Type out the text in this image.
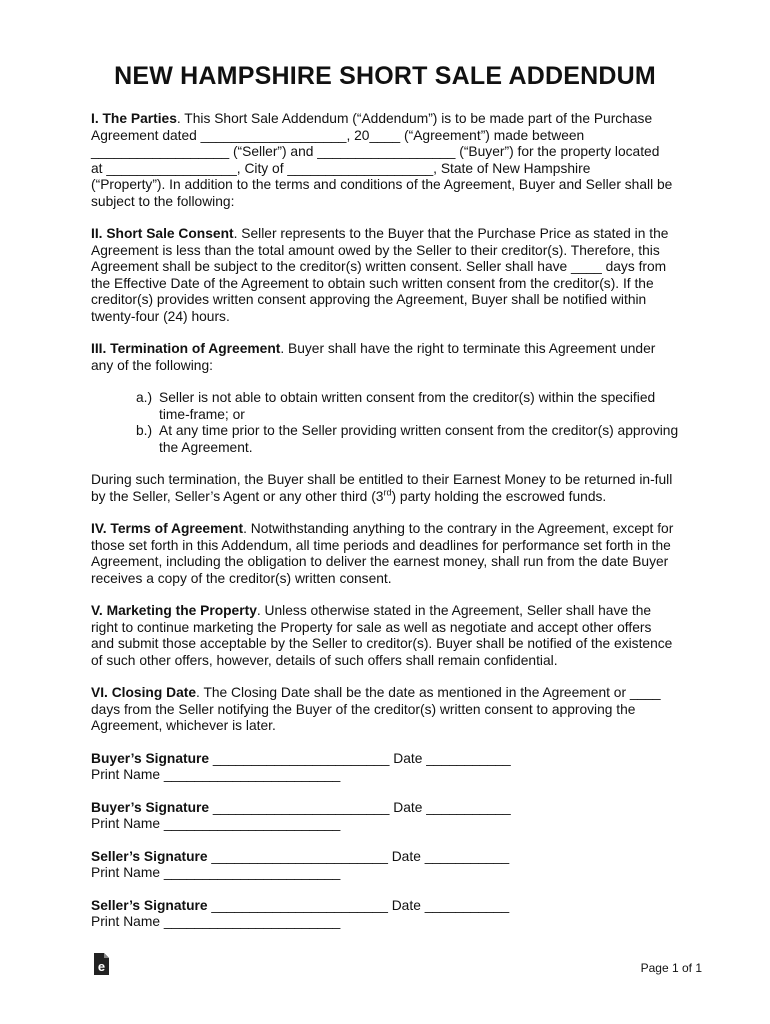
NEW HAMPSHIRE SHORT SALE ADDENDUM
I. The Parties. This Short Sale Addendum (“Addendum”) is to be made part of the Purchase
Agreement dated ___________________, 20____ (“Agreement”) made between
__________________ (“Seller”) and __________________ (“Buyer”) for the property located
at _________________, City of ___________________, State of New Hampshire
(“Property”). In addition to the terms and conditions of the Agreement, Buyer and Seller shall be
subject to the following:
II. Short Sale Consent. Seller represents to the Buyer that the Purchase Price as stated in the
Agreement is less than the total amount owed by the Seller to their creditor(s). Therefore, this
Agreement shall be subject to the creditor(s) written consent. Seller shall have ____ days from
the Effective Date of the Agreement to obtain such written consent from the creditor(s). If the
creditor(s) provides written consent approving the Agreement, Buyer shall be notified within
twenty-four (24) hours.
III. Termination of Agreement. Buyer shall have the right to terminate this Agreement under
any of the following:
a.) Seller is not able to obtain written consent from the creditor(s) within the specified
time-frame; or
b.) At any time prior to the Seller providing written consent from the creditor(s) approving
the Agreement.
During such termination, the Buyer shall be entitled to their Earnest Money to be returned in-full
by the Seller, Seller’s Agent or any other third (3rd) party holding the escrowed funds.
IV. Terms of Agreement. Notwithstanding anything to the contrary in the Agreement, except for
those set forth in this Addendum, all time periods and deadlines for performance set forth in the
Agreement, including the obligation to deliver the earnest money, shall run from the date Buyer
receives a copy of the creditor(s) written consent.
V. Marketing the Property. Unless otherwise stated in the Agreement, Seller shall have the
right to continue marketing the Property for sale as well as negotiate and accept other offers
and submit those acceptable by the Seller to creditor(s). Buyer shall be notified of the existence
of such other offers, however, details of such offers shall remain confidential.
VI. Closing Date. The Closing Date shall be the date as mentioned in the Agreement or ____
days from the Seller notifying the Buyer of the creditor(s) written consent to approving the
Agreement, whichever is later.
Buyer’s Signature _______________________ Date ___________
Print Name _______________________
Buyer’s Signature _______________________ Date ___________
Print Name _______________________
Seller’s Signature _______________________ Date ___________
Print Name _______________________
Seller’s Signature _______________________ Date ___________
Print Name _______________________
e	Page 1 of 1
